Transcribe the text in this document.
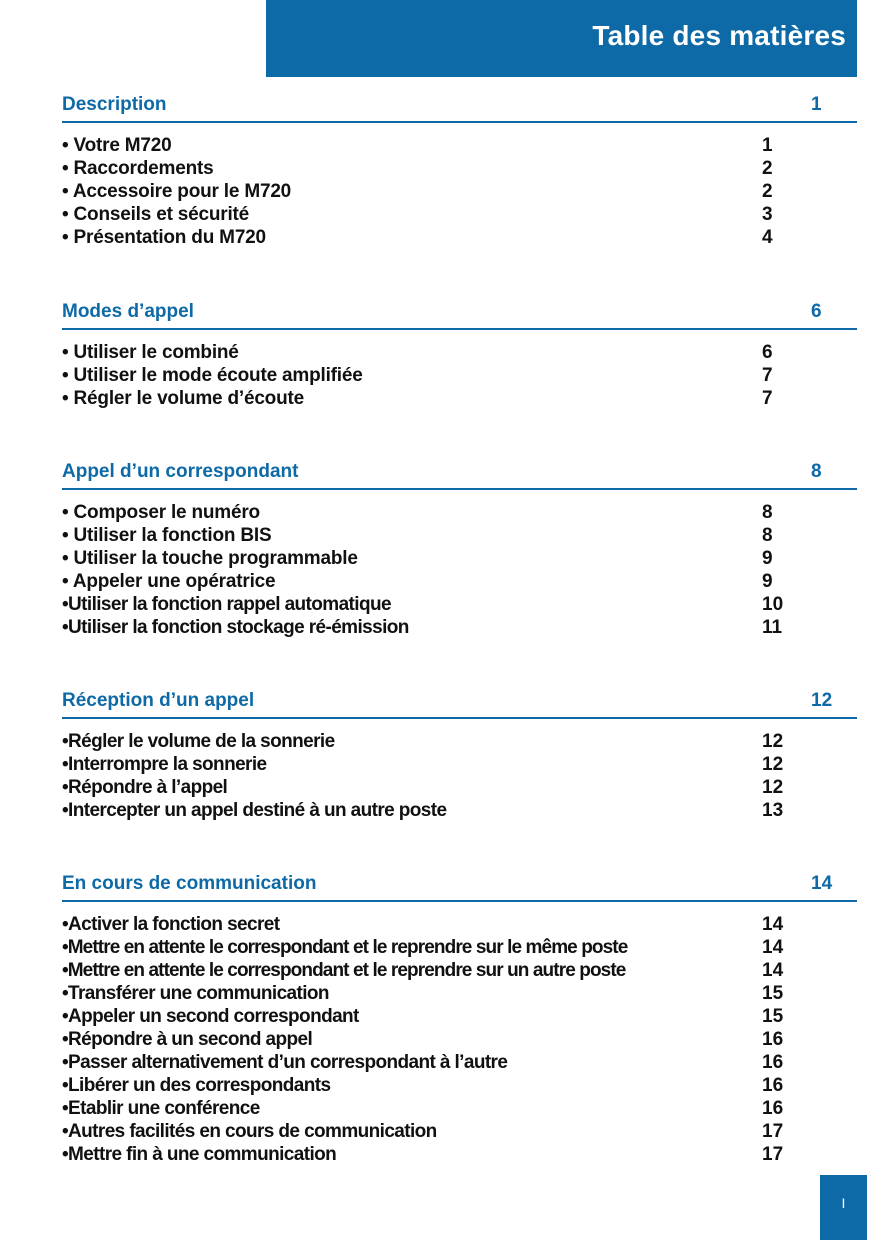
Table des matières
Description	1
• Votre M720	1
• Raccordements	2
• Accessoire pour le M720	2
• Conseils et sécurité	3
• Présentation du M720	4
Modes d’appel	6
• Utiliser le combiné	6
• Utiliser le mode écoute amplifiée	7
• Régler le volume d’écoute	7
Appel d’un correspondant	8
• Composer le numéro	8
• Utiliser la fonction BIS	8
• Utiliser la touche programmable	9
• Appeler une opératrice	9
•Utiliser la fonction rappel automatique	10
•Utiliser la fonction stockage ré-émission	11
Réception d’un appel	12
•Régler le volume de la sonnerie	12
•Interrompre la sonnerie	12
•Répondre à l’appel	12
•Intercepter un appel destiné à un autre poste	13
En cours de communication	14
•Activer la fonction secret	14
•Mettre en attente le correspondant et le reprendre sur le même poste	14
•Mettre en attente le correspondant et le reprendre sur un autre poste	14
•Transférer une communication	15
•Appeler un second correspondant	15
•Répondre à un second appel	16
•Passer alternativement d’un correspondant à l’autre	16
•Libérer un des correspondants	16
•Etablir une conférence	16
•Autres facilités en cours de communication	17
•Mettre fin à une communication	17
I
